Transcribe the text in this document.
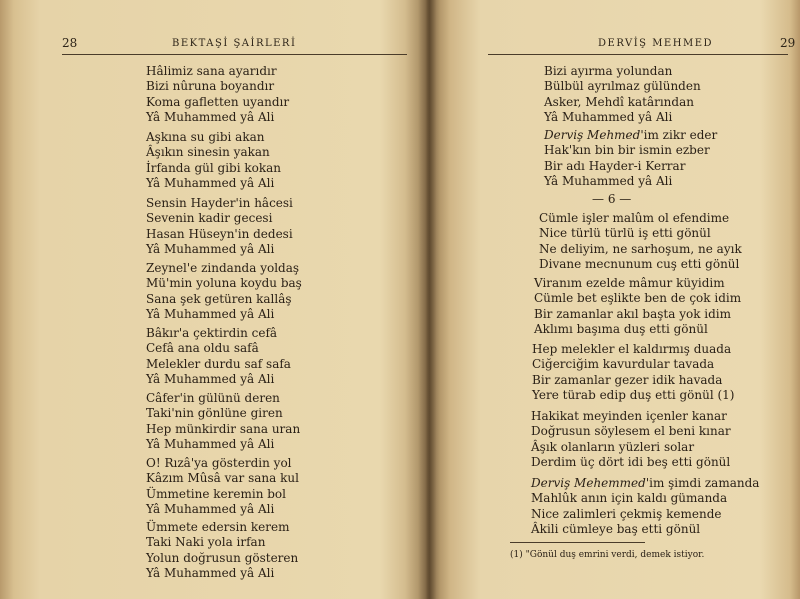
28	BEKTAŞİ ŞAİRLERİ
Hâlimiz sana ayarıdır
Bizi nûruna boyandır
Koma gafletten uyandır
Yâ Muhammed yâ Ali
Aşkına su gibi akan
Âşıkın sinesin yakan
İrfanda gül gibi kokan
Yâ Muhammed yâ Ali
Sensin Hayder'in hâcesi
Sevenin kadir gecesi
Hasan Hüseyn'in dedesi
Yâ Muhammed yâ Ali
Zeynel'e zindanda yoldaş
Mü'min yoluna koydu baş
Sana şek getüren kallâş
Yâ Muhammed yâ Ali
Bâkır'a çektirdin cefâ
Cefâ ana oldu safâ
Melekler durdu saf safa
Yâ Muhammed yâ Ali
Câfer'in gülünü deren
Taki'nin gönlüne giren
Hep münkirdir sana uran
Yâ Muhammed yâ Ali
O! Rızâ'ya gösterdin yol
Kâzım Mûsâ var sana kul
Ümmetine keremin bol
Yâ Muhammed yâ Ali
Ümmete edersin kerem
Taki Naki yola irfan
Yolun doğrusun gösteren
Yâ Muhammed yâ Ali
DERVİŞ MEHMED	29
Bizi ayırma yolundan
Bülbül ayrılmaz gülünden
Asker, Mehdî katârından
Yâ Muhammed yâ Ali
Derviş Mehmed'im zikr eder
Hak'kın bin bir ismin ezber
Bir adı Hayder-i Kerrar
Yâ Muhammed yâ Ali
— 6 —
Cümle işler malûm ol efendime
Nice türlü türlü iş etti gönül
Ne deliyim, ne sarhoşum, ne ayık
Divane mecnunum cuş etti gönül
Viranım ezelde mâmur küyidim
Cümle bet eşlikte ben de çok idim
Bir zamanlar akıl başta yok idim
Aklımı başıma duş etti gönül
Hep melekler el kaldırmış duada
Ciğerciğim kavurdular tavada
Bir zamanlar gezer idik havada
Yere türab edip duş etti gönül (1)
Hakikat meyinden içenler kanar
Doğrusun söylesem el beni kınar
Âşık olanların yüzleri solar
Derdim üç dört idi beş etti gönül
Derviş Mehemmed'im şimdi zamanda
Mahlûk anın için kaldı gümanda
Nice zalimleri çekmiş kemende
Âkili cümleye baş etti gönül
(1) "Gönül duş emrini verdi, demek istiyor.
